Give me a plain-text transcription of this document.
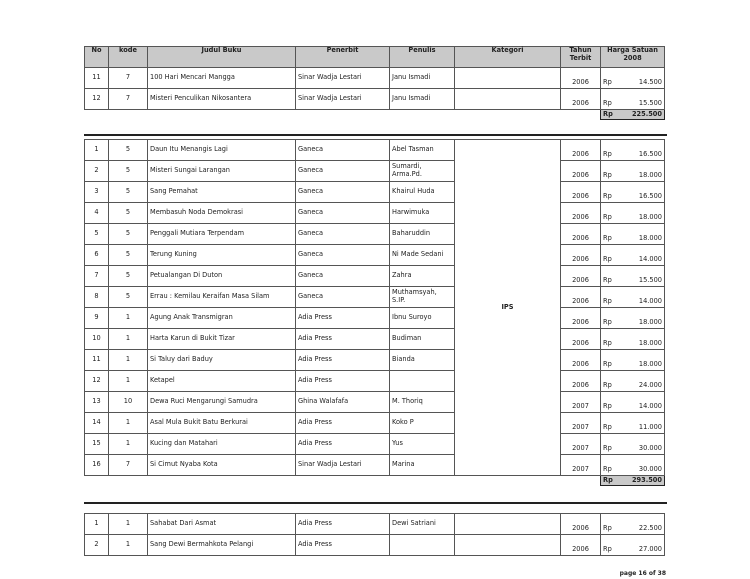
No	kode	Judul Buku	Penerbit	Penulis	Kategori	Tahun Terbit	Harga Satuan 2008	
11	7	100 Hari Mencari Mangga	Sinar Wadja Lestari	Janu Ismadi		2006	Rp	14.500
12	7	Misteri Penculikan Nikosantera	Sinar Wadja Lestari	Janu Ismadi		2006	Rp	15.500
							Rp	225.500
1	5	Daun Itu Menangis Lagi	Ganeca	Abel Tasman	IPS	2006	Rp	16.500
2	5	Misteri Sungai Larangan	Ganeca	Sumardi, Arma.Pd.		2006	Rp	18.000
3	5	Sang Pemahat	Ganeca	Khairul Huda		2006	Rp	16.500
4	5	Membasuh Noda Demokrasi	Ganeca	Harwimuka		2006	Rp	18.000
5	5	Penggali Mutiara Terpendam	Ganeca	Baharuddin		2006	Rp	18.000
6	5	Terung Kuning	Ganeca	Ni Made Sedani		2006	Rp	14.000
7	5	Petualangan Di Duton	Ganeca	Zahra		2006	Rp	15.500
8	5	Errau : Kemilau Keraifan Masa Silam	Ganeca	Muthamsyah, S.IP.		2006	Rp	14.000
9	1	Agung Anak Transmigran	Adia Press	Ibnu Suroyo		2006	Rp	18.000
10	1	Harta Karun di Bukit Tizar	Adia Press	Budiman		2006	Rp	18.000
11	1	Si Taluy dari Baduy	Adia Press	Bianda		2006	Rp	18.000
12	1	Ketapel	Adia Press			2006	Rp	24.000
13	10	Dewa Ruci Mengarungi Samudra	Ghina Walafafa	M. Thoriq		2007	Rp	14.000
14	1	Asal Mula Bukit Batu Berkurai	Adia Press	Koko P		2007	Rp	11.000
15	1	Kucing dan Matahari	Adia Press	Yus		2007	Rp	30.000
16	7	Si Cimut Nyaba Kota	Sinar Wadja Lestari	Marina		2007	Rp	30.000
							Rp	293.500
1	1	Sahabat Dari Asmat	Adia Press	Dewi Satriani		2006	Rp	22.500
2	1	Sang Dewi Bermahkota Pelangi	Adia Press			2006	Rp	27.000
page 16 of 38
